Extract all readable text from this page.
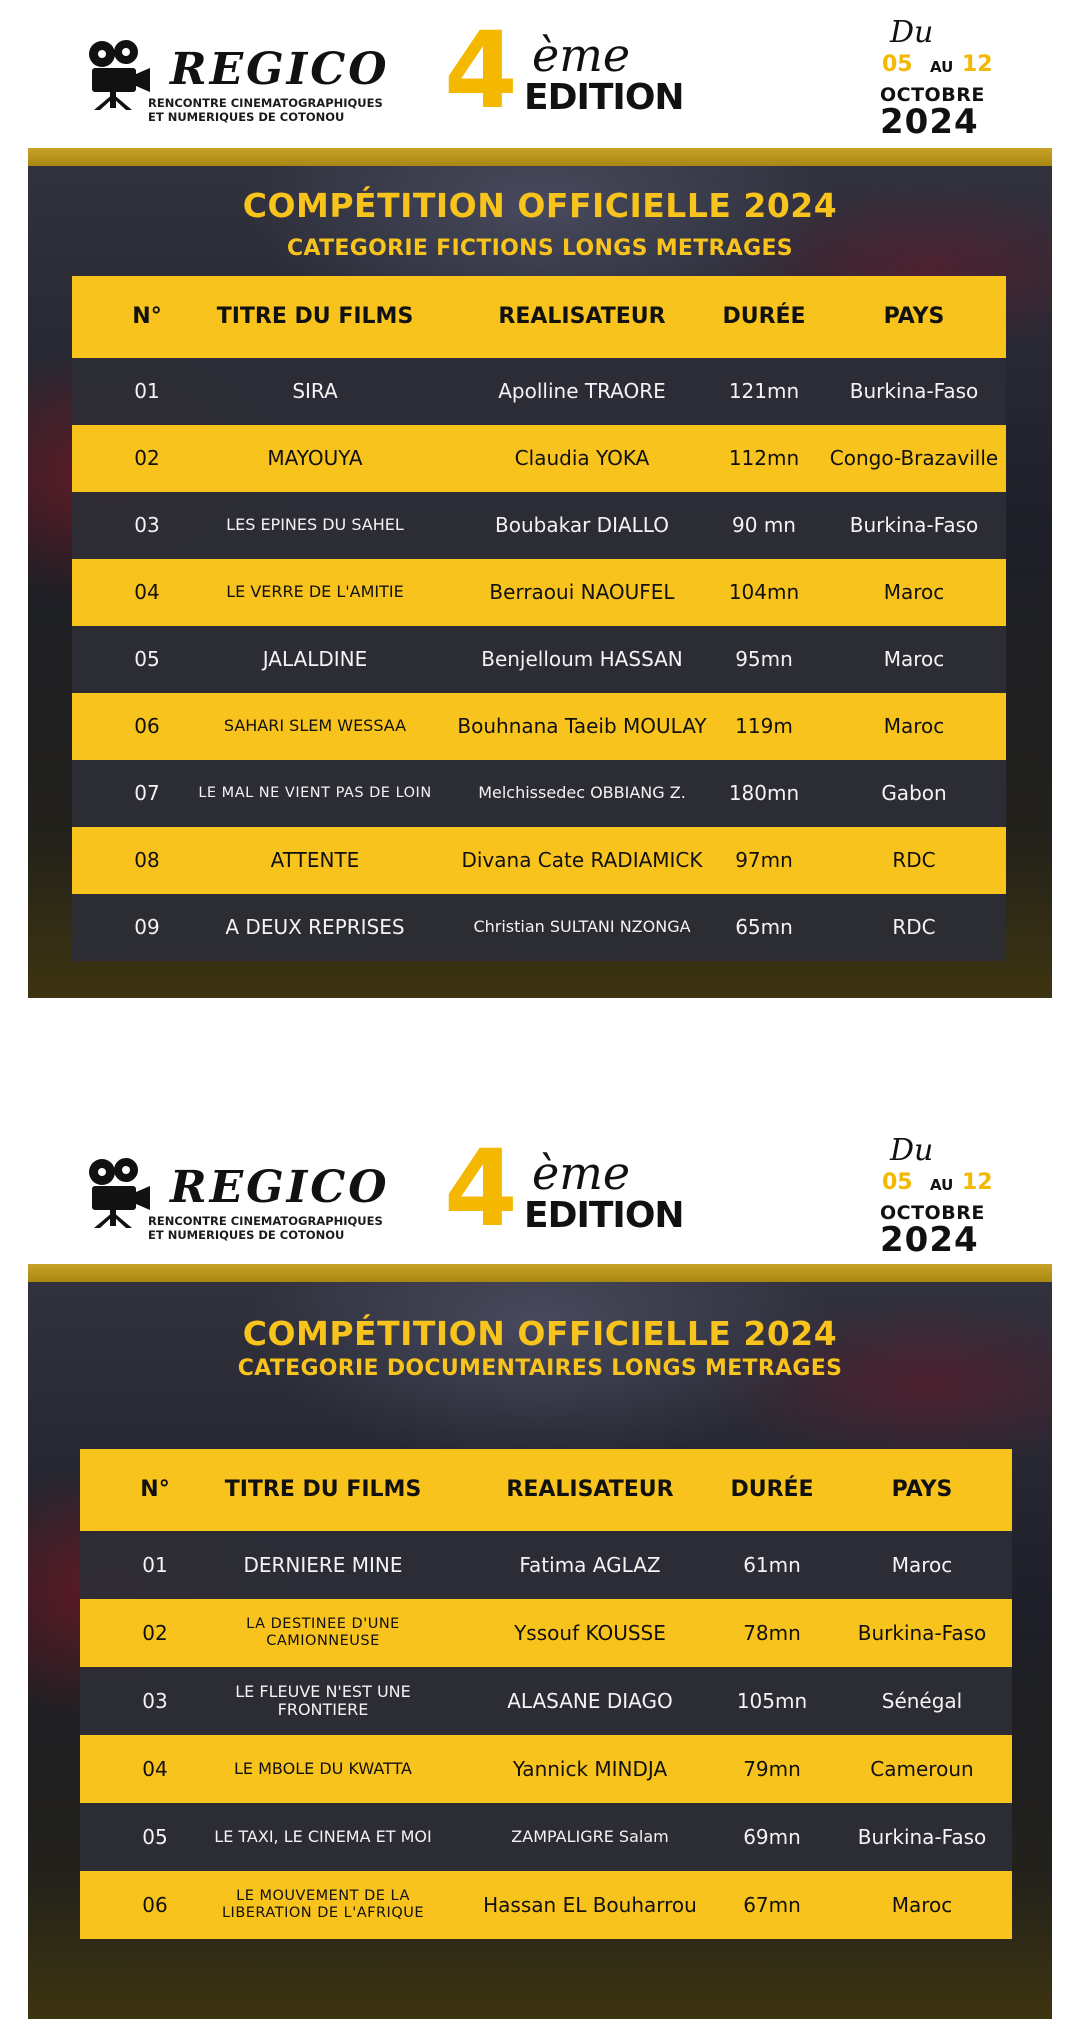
REGICO
RENCONTRE CINEMATOGRAPHIQUES
ET NUMERIQUES DE COTONOU 4 ème
EDITION
Du
05 AU 12
OCTOBRE
2024
COMPÉTITION OFFICIELLE 2024
CATEGORIE FICTIONS LONGS METRAGES
N°	TITRE DU FILMS	REALISATEUR	DURÉE	PAYS
01	SIRA	Apolline TRAORE	121mn	Burkina-Faso
02	MAYOUYA	Claudia YOKA	112mn	Congo-Brazaville
03	LES EPINES DU SAHEL	Boubakar DIALLO	90 mn	Burkina-Faso
04	LE VERRE DE L'AMITIE	Berraoui NAOUFEL	104mn	Maroc
05	JALALDINE	Benjelloum HASSAN	95mn	Maroc
06	SAHARI SLEM WESSAA	Bouhnana Taeib MOULAY	119m	Maroc
07	LE MAL NE VIENT PAS DE LOIN	Melchissedec OBBIANG Z.	180mn	Gabon
08	ATTENTE	Divana Cate RADIAMICK	97mn	RDC
09	A DEUX REPRISES	Christian SULTANI NZONGA	65mn	RDC
REGICO
RENCONTRE CINEMATOGRAPHIQUES
ET NUMERIQUES DE COTONOU 4 ème
EDITION
Du
05 AU 12
OCTOBRE
2024
COMPÉTITION OFFICIELLE 2024
CATEGORIE DOCUMENTAIRES LONGS METRAGES
N°	TITRE DU FILMS	REALISATEUR	DURÉE	PAYS
01	DERNIERE MINE	Fatima AGLAZ	61mn	Maroc
02	LA DESTINEE D'UNE CAMIONNEUSE	Yssouf KOUSSE	78mn	Burkina-Faso
03	LE FLEUVE N'EST UNE FRONTIERE	ALASANE DIAGO	105mn	Sénégal
04	LE MBOLE DU KWATTA	Yannick MINDJA	79mn	Cameroun
05	LE TAXI, LE CINEMA ET MOI	ZAMPALIGRE Salam	69mn	Burkina-Faso
06	LE MOUVEMENT DE LA LIBERATION DE L'AFRIQUE	Hassan EL Bouharrou	67mn	Maroc
